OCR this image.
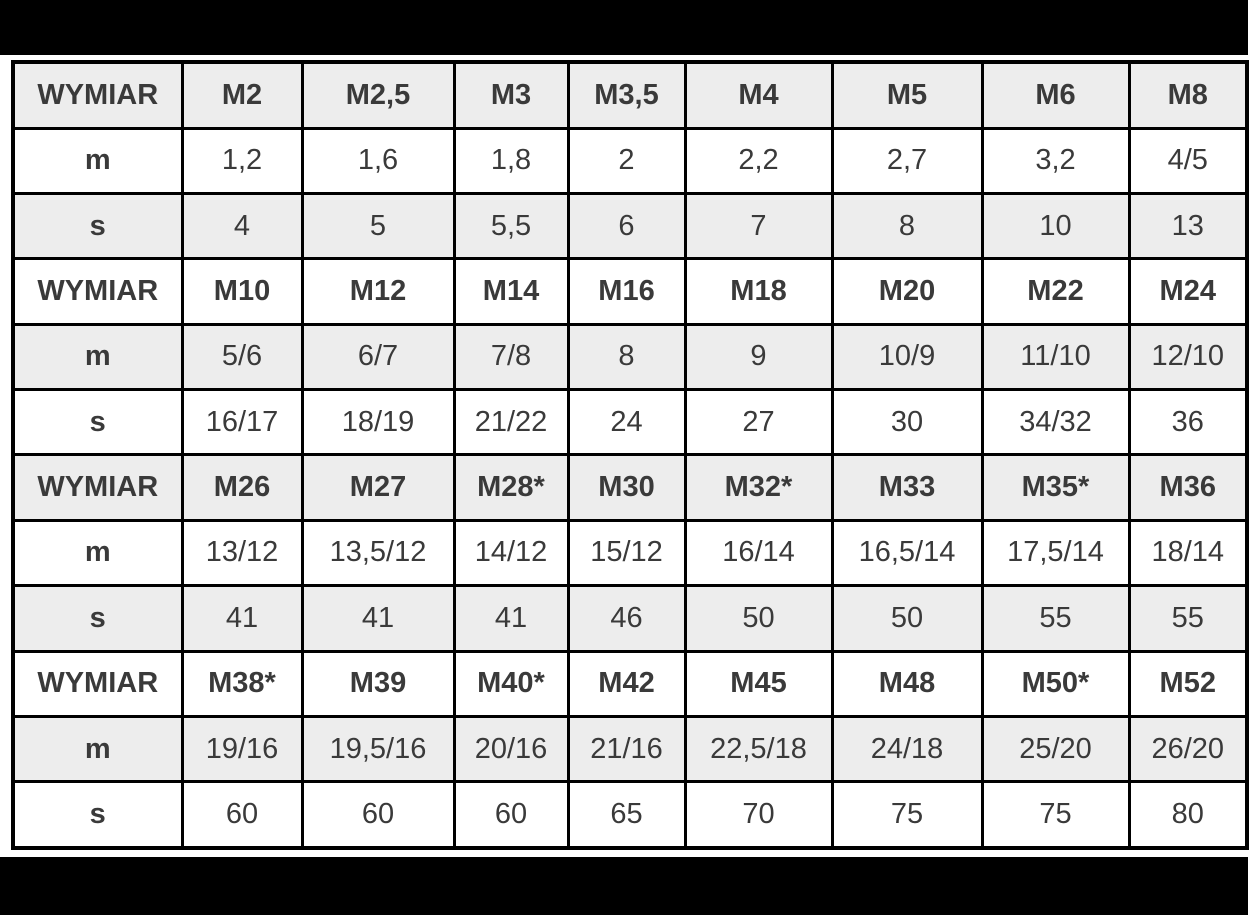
WYMIAR	M2	M2,5	M3	M3,5	M4	M5	M6	M8
m	1,2	1,6	1,8	2	2,2	2,7	3,2	4/5
s	4	5	5,5	6	7	8	10	13
WYMIAR	M10	M12	M14	M16	M18	M20	M22	M24
m	5/6	6/7	7/8	8	9	10/9	11/10	12/10
s	16/17	18/19	21/22	24	27	30	34/32	36
WYMIAR	M26	M27	M28*	M30	M32*	M33	M35*	M36
m	13/12	13,5/12	14/12	15/12	16/14	16,5/14	17,5/14	18/14
s	41	41	41	46	50	50	55	55
WYMIAR	M38*	M39	M40*	M42	M45	M48	M50*	M52
m	19/16	19,5/16	20/16	21/16	22,5/18	24/18	25/20	26/20
s	60	60	60	65	70	75	75	80
